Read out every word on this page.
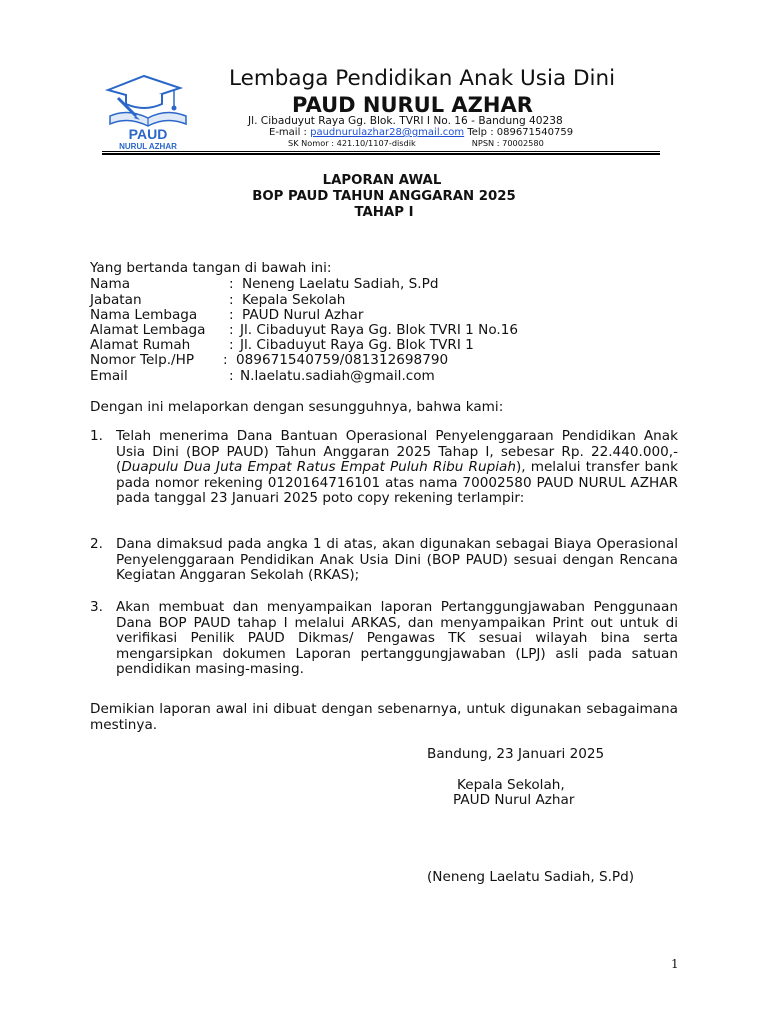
PAUD
NURUL AZHAR
Lembaga Pendidikan Anak Usia Dini
PAUD NURUL AZHAR
Jl. Cibaduyut Raya Gg. Blok. TVRI I No. 16 - Bandung 40238
E-mail : paudnurulazhar28@gmail.com Telp : 089671540759
SK Nomor : 421.10/1107-disdik	NPSN : 70002580
LAPORAN AWAL
BOP PAUD TAHUN ANGGARAN 2025
TAHAP I
Yang bertanda tangan di bawah ini:
Nama	: Neneng Laelatu Sadiah, S.Pd
Jabatan	: Kepala Sekolah
Nama Lembaga : PAUD Nurul Azhar
Alamat Lembaga : Jl. Cibaduyut Raya Gg. Blok TVRI 1 No.16
Alamat Rumah	: Jl. Cibaduyut Raya Gg. Blok TVRI 1
Nomor Telp./HP : 089671540759/081312698790
Email	: N.laelatu.sadiah@gmail.com
Dengan ini melaporkan dengan sesungguhnya, bahwa kami:
1. Telah menerima Dana Bantuan Operasional Penyelenggaraan Pendidikan Anak Usia Dini (BOP PAUD) Tahun Anggaran 2025 Tahap I, sebesar Rp. 22.440.000,- (Duapulu Dua Juta Empat Ratus Empat Puluh Ribu Rupiah), melalui transfer bank pada nomor rekening 0120164716101 atas nama 70002580 PAUD NURUL AZHAR pada tanggal 23 Januari 2025 poto copy rekening terlampir:
2. Dana dimaksud pada angka 1 di atas, akan digunakan sebagai Biaya Operasional Penyelenggaraan Pendidikan Anak Usia Dini (BOP PAUD) sesuai dengan Rencana Kegiatan Anggaran Sekolah (RKAS);
3. Akan membuat dan menyampaikan laporan Pertanggungjawaban Penggunaan Dana BOP PAUD tahap I melalui ARKAS, dan menyampaikan Print out untuk di verifikasi Penilik PAUD Dikmas/ Pengawas TK sesuai wilayah bina serta mengarsipkan dokumen Laporan pertanggungjawaban (LPJ) asli pada satuan pendidikan masing-masing.
Demikian laporan awal ini dibuat dengan sebenarnya, untuk digunakan sebagaimana mestinya.
Bandung, 23 Januari 2025
Kepala Sekolah,
PAUD Nurul Azhar
(Neneng Laelatu Sadiah, S.Pd)
1
